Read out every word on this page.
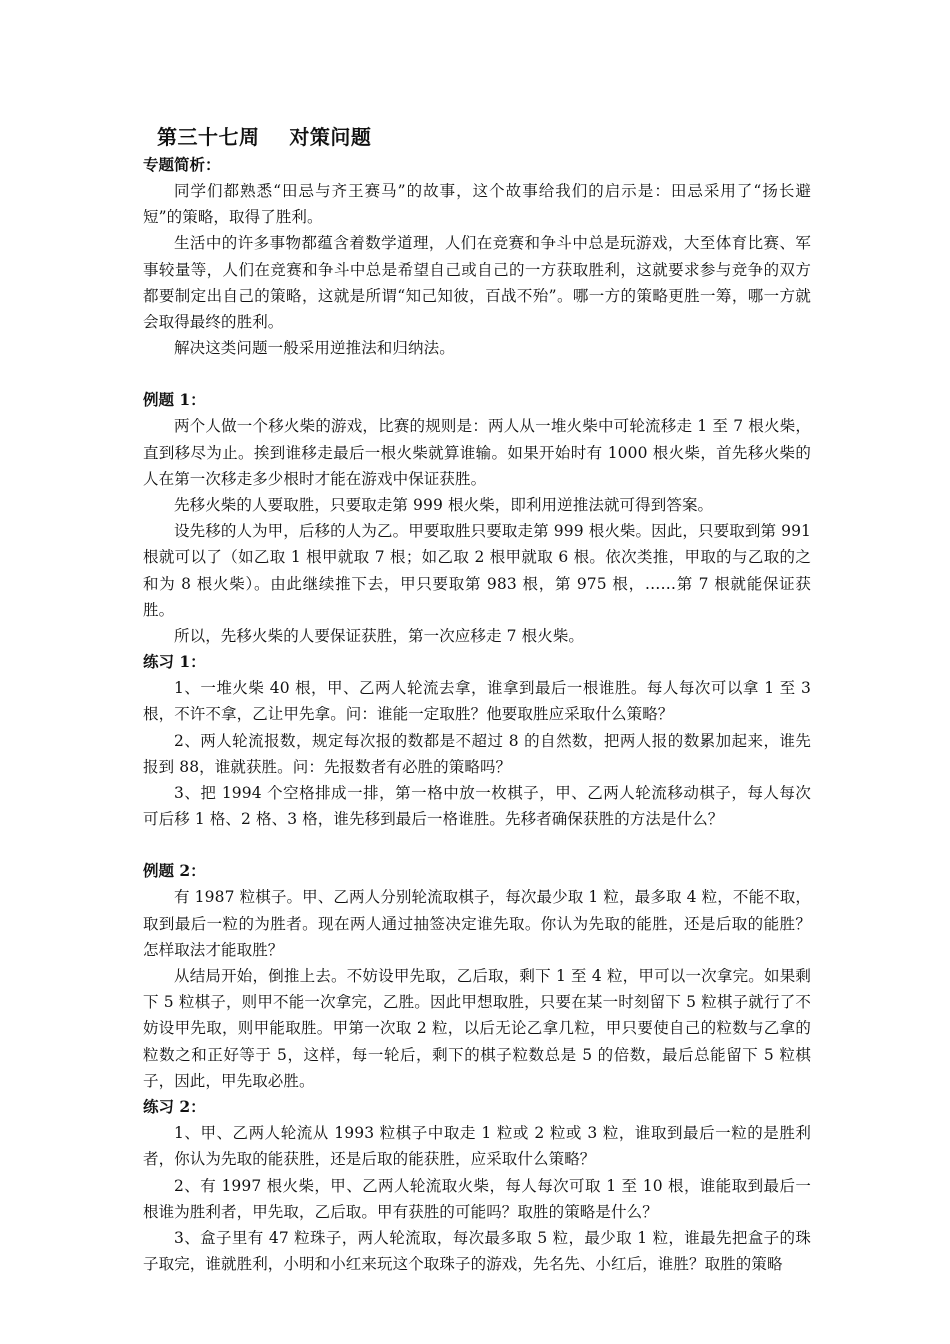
第三十七周    对策问题
专题简析：

同学们都熟悉“田忌与齐王赛马”的故事，这个故事给我们的启示是：田忌采用了“扬长避短”的策略，取得了胜利。

生活中的许多事物都蕴含着数学道理，人们在竞赛和争斗中总是玩游戏，大至体育比赛、军事较量等，人们在竞赛和争斗中总是希望自己或自己的一方获取胜利，这就要求参与竞争的双方都要制定出自己的策略，这就是所谓“知己知彼，百战不殆”。哪一方的策略更胜一筹，哪一方就会取得最终的胜利。

解决这类问题一般采用逆推法和归纳法。

例题 1：

两个人做一个移火柴的游戏，比赛的规则是：两人从一堆火柴中可轮流移走 1 至 7 根火柴，直到移尽为止。挨到谁移走最后一根火柴就算谁输。如果开始时有 1000 根火柴，首先移火柴的人在第一次移走多少根时才能在游戏中保证获胜。

先移火柴的人要取胜，只要取走第 999 根火柴，即利用逆推法就可得到答案。

设先移的人为甲，后移的人为乙。甲要取胜只要取走第 999 根火柴。因此，只要取到第 991 根就可以了（如乙取 1 根甲就取 7 根；如乙取 2 根甲就取 6 根。依次类推，甲取的与乙取的之和为 8 根火柴）。由此继续推下去，甲只要取第 983 根，第 975 根，……第 7 根就能保证获胜。

所以，先移火柴的人要保证获胜，第一次应移走 7 根火柴。

练习 1：

1、一堆火柴 40 根，甲、乙两人轮流去拿，谁拿到最后一根谁胜。每人每次可以拿 1 至 3 根，不许不拿，乙让甲先拿。问：谁能一定取胜？他要取胜应采取什么策略？

2、两人轮流报数，规定每次报的数都是不超过 8 的自然数，把两人报的数累加起来，谁先报到 88，谁就获胜。问：先报数者有必胜的策略吗？

3、把 1994 个空格排成一排，第一格中放一枚棋子，甲、乙两人轮流移动棋子，每人每次可后移 1 格、2 格、3 格，谁先移到最后一格谁胜。先移者确保获胜的方法是什么？

例题 2：

有 1987 粒棋子。甲、乙两人分别轮流取棋子，每次最少取 1 粒，最多取 4 粒，不能不取，取到最后一粒的为胜者。现在两人通过抽签决定谁先取。你认为先取的能胜，还是后取的能胜？怎样取法才能取胜？

从结局开始，倒推上去。不妨设甲先取，乙后取，剩下 1 至 4 粒，甲可以一次拿完。如果剩下 5 粒棋子，则甲不能一次拿完，乙胜。因此甲想取胜，只要在某一时刻留下 5 粒棋子就行了不妨设甲先取，则甲能取胜。甲第一次取 2 粒，以后无论乙拿几粒，甲只要使自己的粒数与乙拿的粒数之和正好等于 5，这样，每一轮后，剩下的棋子粒数总是 5 的倍数，最后总能留下 5 粒棋子，因此，甲先取必胜。

练习 2：

1、甲、乙两人轮流从 1993 粒棋子中取走 1 粒或 2 粒或 3 粒，谁取到最后一粒的是胜利者，你认为先取的能获胜，还是后取的能获胜，应采取什么策略？

2、有 1997 根火柴，甲、乙两人轮流取火柴，每人每次可取 1 至 10 根，谁能取到最后一根谁为胜利者，甲先取，乙后取。甲有获胜的可能吗？取胜的策略是什么？

3、盒子里有 47 粒珠子，两人轮流取，每次最多取 5 粒，最少取 1 粒，谁最先把盒子的珠子取完，谁就胜利，小明和小红来玩这个取珠子的游戏，先名先、小红后，谁胜？取胜的策略
